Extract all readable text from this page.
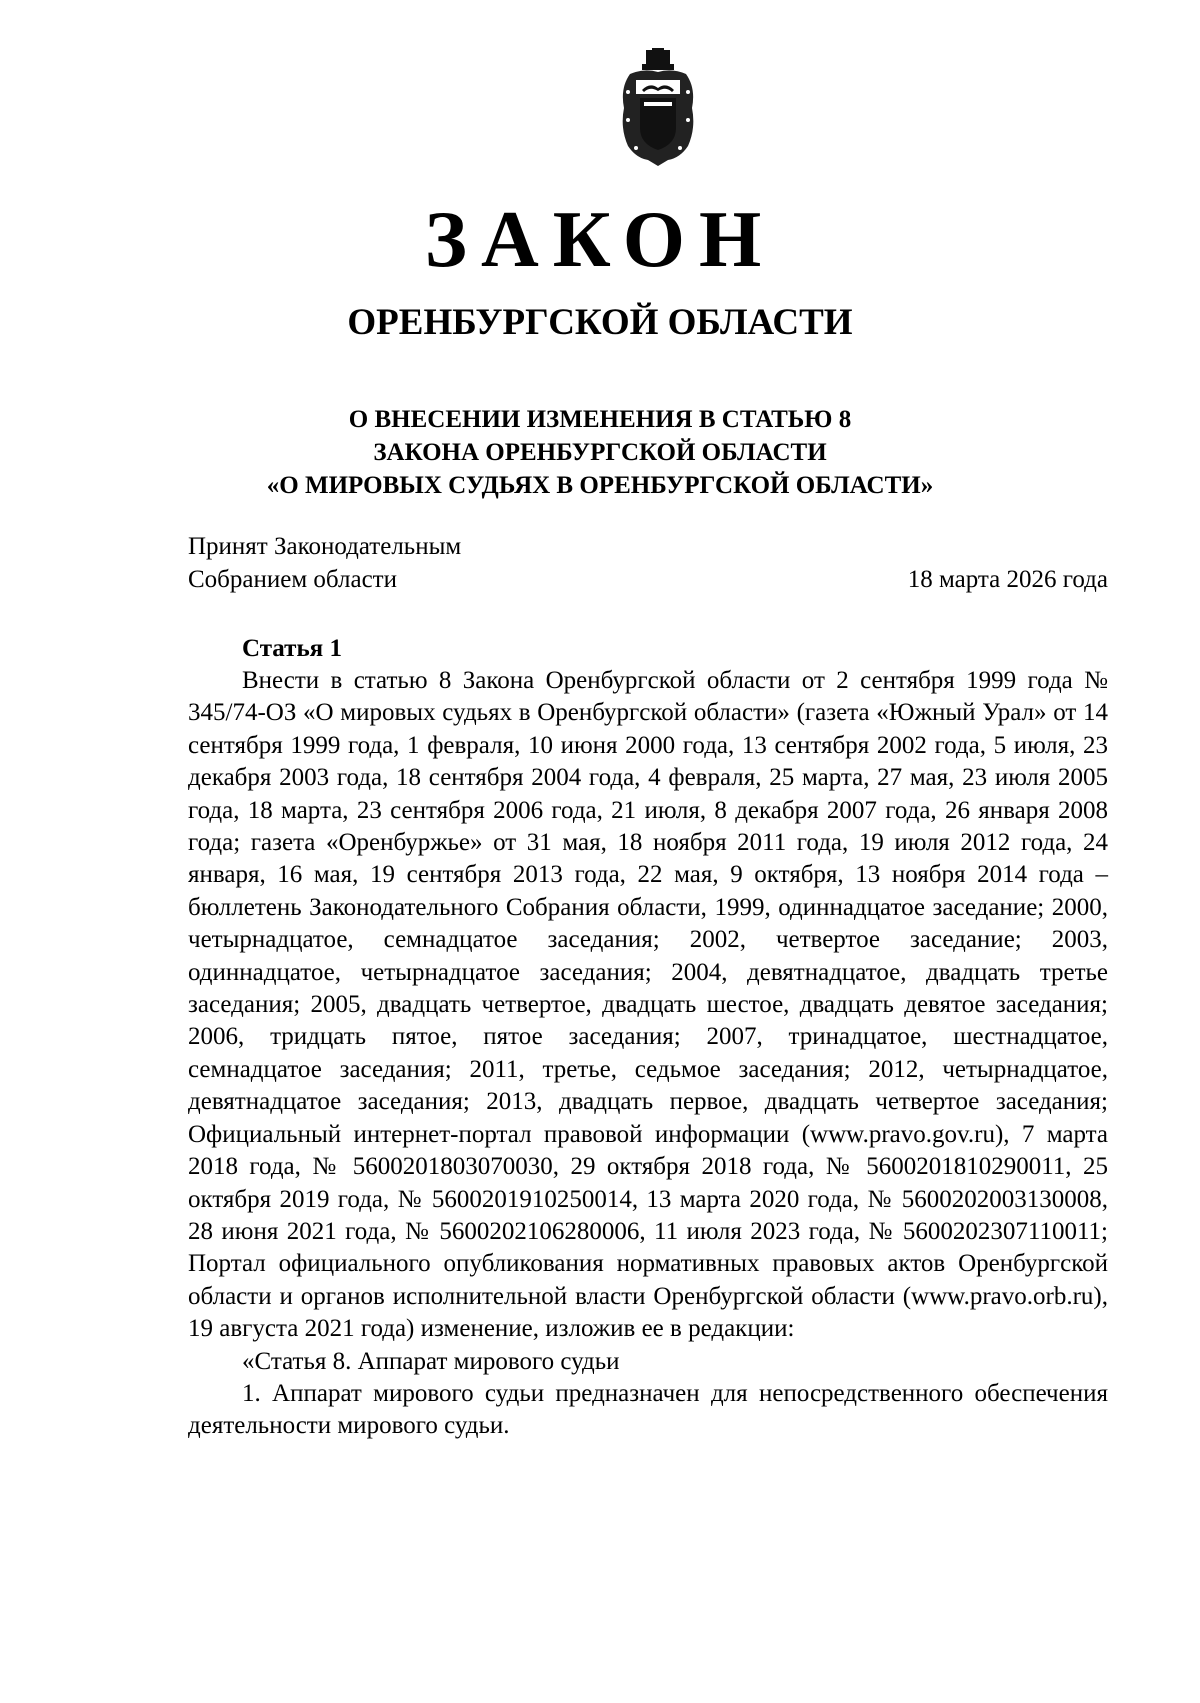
ЗАКОН
ОРЕНБУРГСКОЙ ОБЛАСТИ
О ВНЕСЕНИИ ИЗМЕНЕНИЯ В СТАТЬЮ 8
ЗАКОНА ОРЕНБУРГСКОЙ ОБЛАСТИ
«О МИРОВЫХ СУДЬЯХ В ОРЕНБУРГСКОЙ ОБЛАСТИ»
Принят Законодательным
Собранием области	18 марта 2026 года
Статья 1

Внести в статью 8 Закона Оренбургской области от 2 сентября 1999 года № 345/74-ОЗ «О мировых судьях в Оренбургской области» (газета «Южный Урал» от 14 сентября 1999 года, 1 февраля, 10 июня 2000 года, 13 сентября 2002 года, 5 июля, 23 декабря 2003 года, 18 сентября 2004 года, 4 февраля, 25 марта, 27 мая, 23 июля 2005 года, 18 марта, 23 сентября 2006 года, 21 июля, 8 декабря 2007 года, 26 января 2008 года; газета «Оренбуржье» от 31 мая, 18 ноября 2011 года, 19 июля 2012 года, 24 января, 16 мая, 19 сентября 2013 года, 22 мая, 9 октября, 13 ноября 2014 года – бюллетень Законодательного Собрания области, 1999, одиннадцатое заседание; 2000, четырнадцатое, семнадцатое заседания; 2002, четвертое заседание; 2003, одиннадцатое, четырнадцатое заседания; 2004, девятнадцатое, двадцать третье заседания; 2005, двадцать четвертое, двадцать шестое, двадцать девятое заседания; 2006, тридцать пятое, пятое заседания; 2007, тринадцатое, шестнадцатое, семнадцатое заседания; 2011, третье, седьмое заседания; 2012, четырнадцатое, девятнадцатое заседания; 2013, двадцать первое, двадцать четвертое заседания; Официальный интернет-портал правовой информации (www.pravo.gov.ru), 7 марта 2018 года, № 5600201803070030, 29 октября 2018 года, № 5600201810290011, 25 октября 2019 года, № 5600201910250014, 13 марта 2020 года, № 5600202003130008, 28 июня 2021 года, № 5600202106280006, 11 июля 2023 года, № 5600202307110011; Портал официального опубликования нормативных правовых актов Оренбургской области и органов исполнительной власти Оренбургской области (www.pravo.orb.ru), 19 августа 2021 года) изменение, изложив ее в редакции:

«Статья 8. Аппарат мирового судьи

1. Аппарат мирового судьи предназначен для непосредственного обеспечения деятельности мирового судьи.
